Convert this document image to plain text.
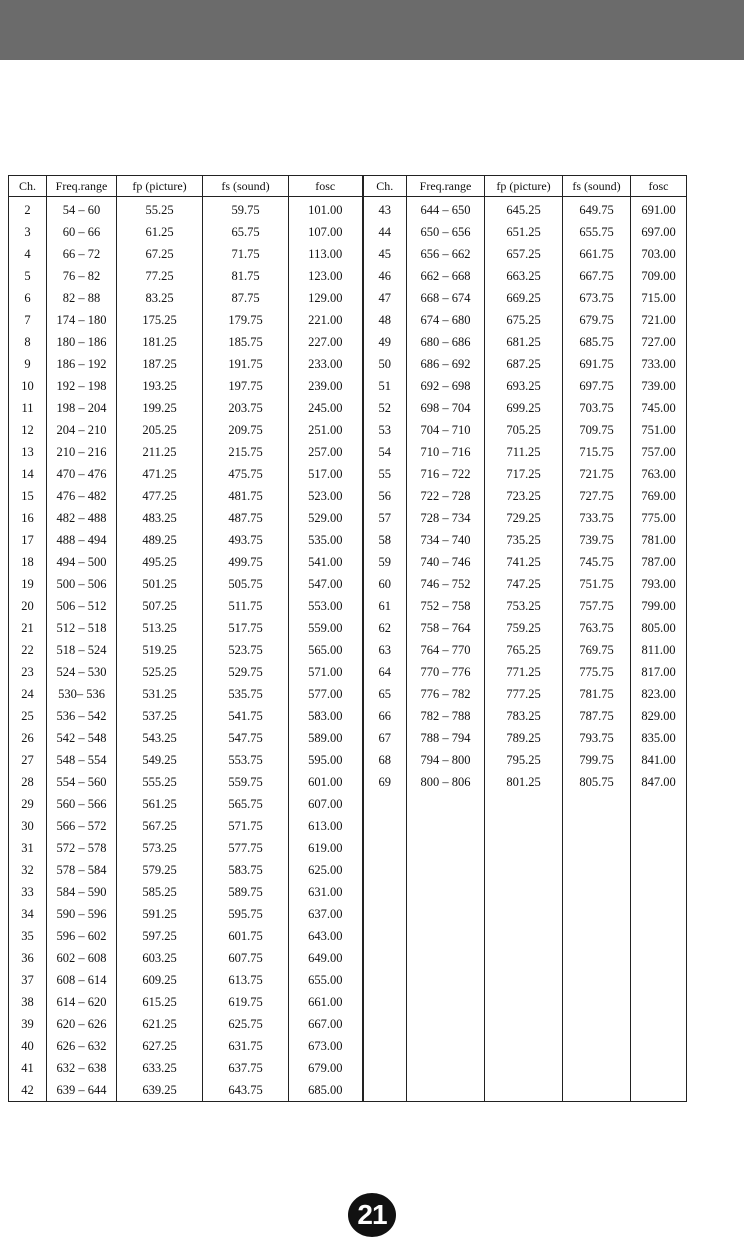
Ch.	Freq.range	fp (picture)	fs (sound)	fosc	Ch.	Freq.range	fp (picture)	fs (sound)	fosc
2	54 – 60	55.25	59.75	101.00	43	644 – 650	645.25	649.75	691.00
3	60 – 66	61.25	65.75	107.00	44	650 – 656	651.25	655.75	697.00
4	66 – 72	67.25	71.75	113.00	45	656 – 662	657.25	661.75	703.00
5	76 – 82	77.25	81.75	123.00	46	662 – 668	663.25	667.75	709.00
6	82 – 88	83.25	87.75	129.00	47	668 – 674	669.25	673.75	715.00
7	174 – 180	175.25	179.75	221.00	48	674 – 680	675.25	679.75	721.00
8	180 – 186	181.25	185.75	227.00	49	680 – 686	681.25	685.75	727.00
9	186 – 192	187.25	191.75	233.00	50	686 – 692	687.25	691.75	733.00
10	192 – 198	193.25	197.75	239.00	51	692 – 698	693.25	697.75	739.00
11	198 – 204	199.25	203.75	245.00	52	698 – 704	699.25	703.75	745.00
12	204 – 210	205.25	209.75	251.00	53	704 – 710	705.25	709.75	751.00
13	210 – 216	211.25	215.75	257.00	54	710 – 716	711.25	715.75	757.00
14	470 – 476	471.25	475.75	517.00	55	716 – 722	717.25	721.75	763.00
15	476 – 482	477.25	481.75	523.00	56	722 – 728	723.25	727.75	769.00
16	482 – 488	483.25	487.75	529.00	57	728 – 734	729.25	733.75	775.00
17	488 – 494	489.25	493.75	535.00	58	734 – 740	735.25	739.75	781.00
18	494 – 500	495.25	499.75	541.00	59	740 – 746	741.25	745.75	787.00
19	500 – 506	501.25	505.75	547.00	60	746 – 752	747.25	751.75	793.00
20	506 – 512	507.25	511.75	553.00	61	752 – 758	753.25	757.75	799.00
21	512 – 518	513.25	517.75	559.00	62	758 – 764	759.25	763.75	805.00
22	518 – 524	519.25	523.75	565.00	63	764 – 770	765.25	769.75	811.00
23	524 – 530	525.25	529.75	571.00	64	770 – 776	771.25	775.75	817.00
24	530– 536	531.25	535.75	577.00	65	776 – 782	777.25	781.75	823.00
25	536 – 542	537.25	541.75	583.00	66	782 – 788	783.25	787.75	829.00
26	542 – 548	543.25	547.75	589.00	67	788 – 794	789.25	793.75	835.00
27	548 – 554	549.25	553.75	595.00	68	794 – 800	795.25	799.75	841.00
28	554 – 560	555.25	559.75	601.00	69	800 – 806	801.25	805.75	847.00
29	560 – 566	561.25	565.75	607.00					
30	566 – 572	567.25	571.75	613.00					
31	572 – 578	573.25	577.75	619.00					
32	578 – 584	579.25	583.75	625.00					
33	584 – 590	585.25	589.75	631.00					
34	590 – 596	591.25	595.75	637.00					
35	596 – 602	597.25	601.75	643.00					
36	602 – 608	603.25	607.75	649.00					
37	608 – 614	609.25	613.75	655.00					
38	614 – 620	615.25	619.75	661.00					
39	620 – 626	621.25	625.75	667.00					
40	626 – 632	627.25	631.75	673.00					
41	632 – 638	633.25	637.75	679.00					
42	639 – 644	639.25	643.75	685.00					
21
